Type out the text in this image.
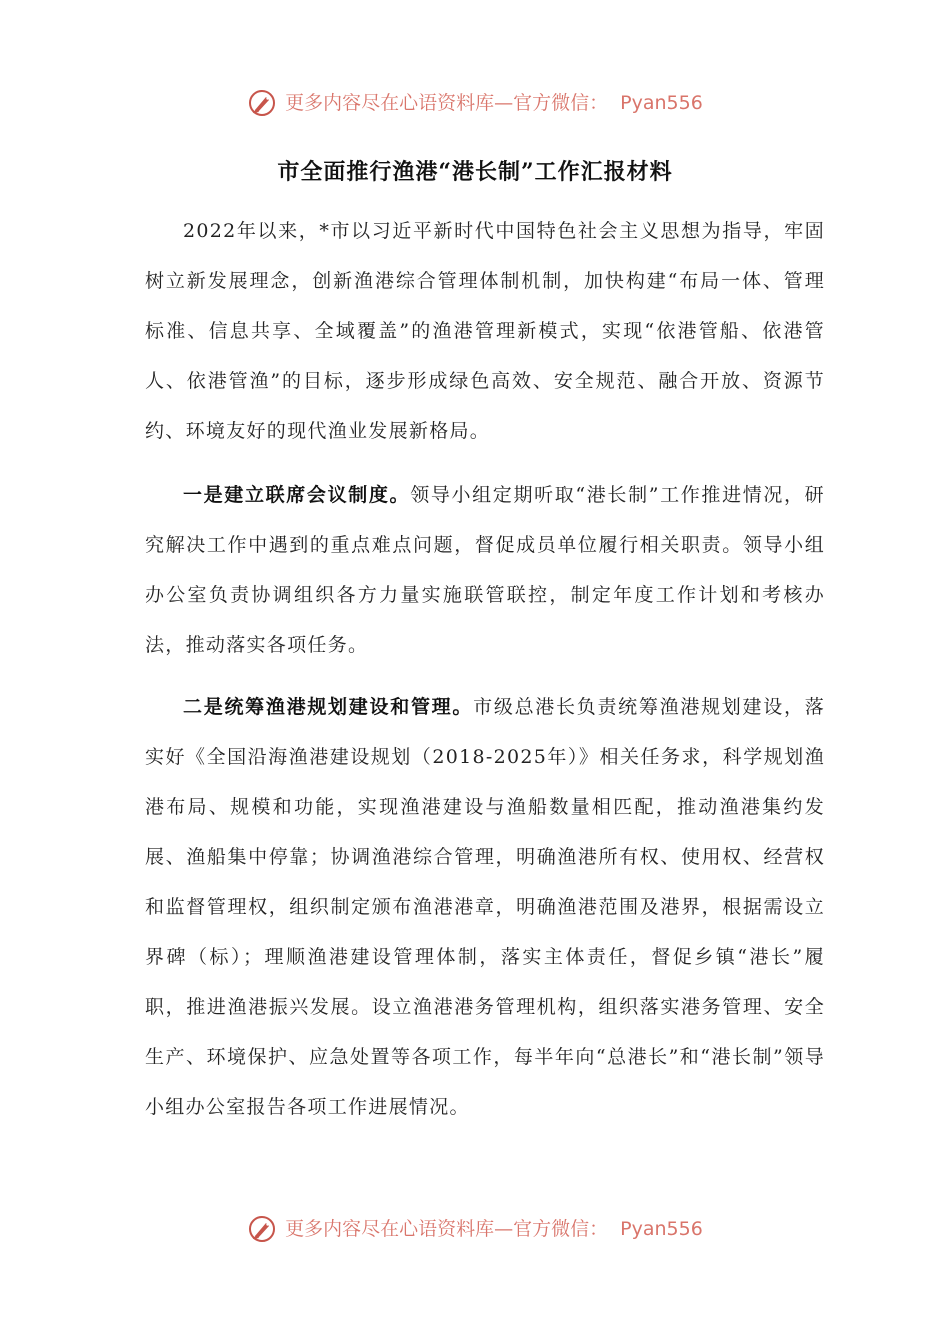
更多内容尽在心语资料库—官方微信： Pyan556
市全面推行渔港“港长制”工作汇报材料

2022年以来，*市以习近平新时代中国特色社会主义思想为指导，牢固树立新发展理念，创新渔港综合管理体制机制，加快构建“布局一体、管理标准、信息共享、全域覆盖”的渔港管理新模式，实现“依港管船、依港管人、依港管渔”的目标，逐步形成绿色高效、安全规范、融合开放、资源节约、环境友好的现代渔业发展新格局。

一是建立联席会议制度。领导小组定期听取“港长制”工作推进情况，研究解决工作中遇到的重点难点问题，督促成员单位履行相关职责。领导小组办公室负责协调组织各方力量实施联管联控，制定年度工作计划和考核办法，推动落实各项任务。

二是统筹渔港规划建设和管理。市级总港长负责统筹渔港规划建设，落实好《全国沿海渔港建设规划（2018-2025年）》相关任务求，科学规划渔港布局、规模和功能，实现渔港建设与渔船数量相匹配，推动渔港集约发展、渔船集中停靠；协调渔港综合管理，明确渔港所有权、使用权、经营权和监督管理权，组织制定颁布渔港港章，明确渔港范围及港界，根据需设立界碑（标）；理顺渔港建设管理体制，落实主体责任，督促乡镇“港长”履职，推进渔港振兴发展。设立渔港港务管理机构，组织落实港务管理、安全生产、环境保护、应急处置等各项工作，每半年向“总港长”和“港长制”领导小组办公室报告各项工作进展情况。

更多内容尽在心语资料库—官方微信： Pyan556
